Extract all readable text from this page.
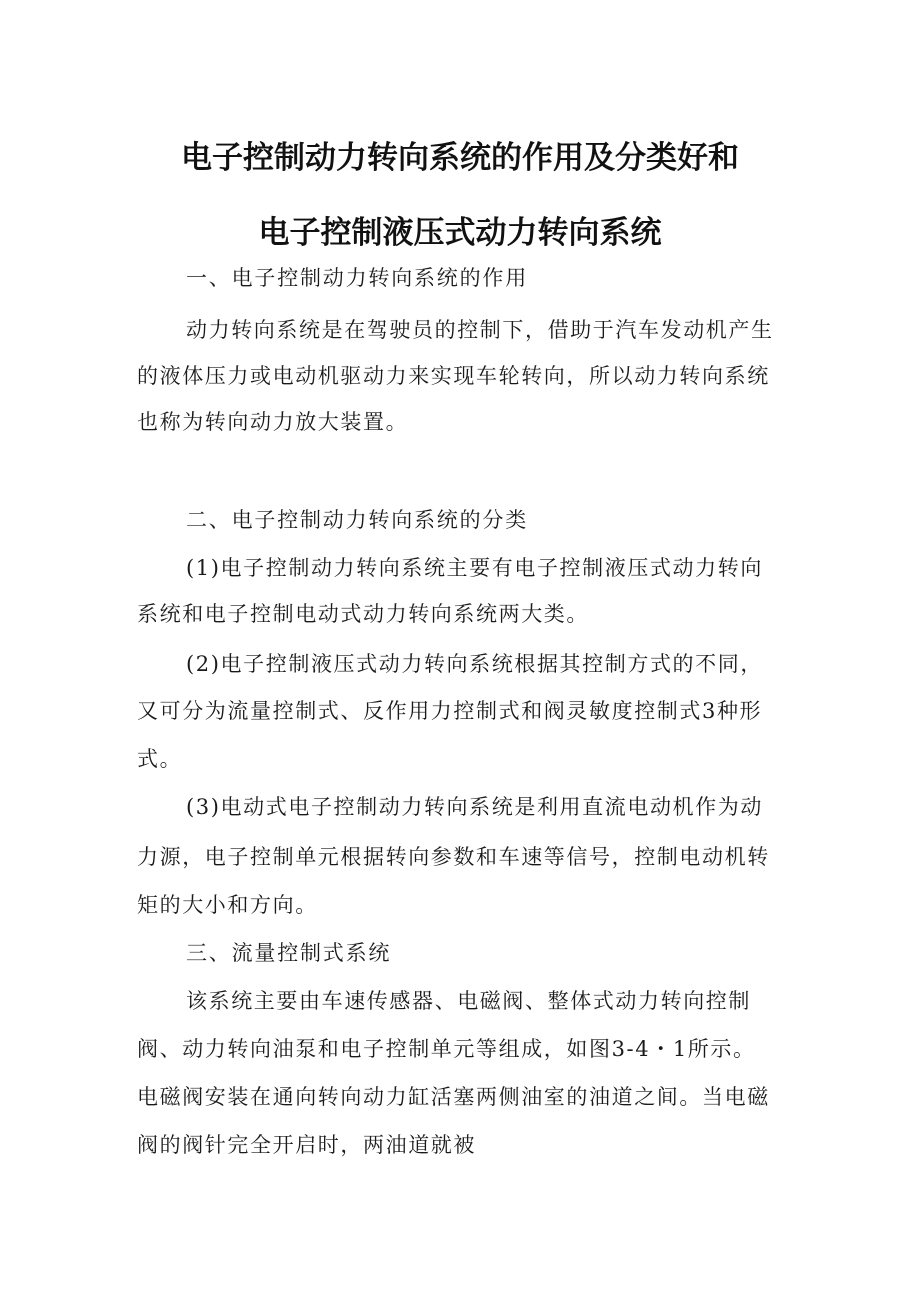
电子控制动力转向系统的作用及分类好和
电子控制液压式动力转向系统
一、电子控制动力转向系统的作用
动力转向系统是在驾驶员的控制下，借助于汽车发动机产生
的液体压力或电动机驱动力来实现车轮转向，所以动力转向系统
也称为转向动力放大装置。
二、电子控制动力转向系统的分类
(1)电子控制动力转向系统主要有电子控制液压式动力转向
系统和电子控制电动式动力转向系统两大类。
(2)电子控制液压式动力转向系统根据其控制方式的不同，
又可分为流量控制式、反作用力控制式和阀灵敏度控制式3种形
式。
(3)电动式电子控制动力转向系统是利用直流电动机作为动
力源，电子控制单元根据转向参数和车速等信号，控制电动机转
矩的大小和方向。
三、流量控制式系统
该系统主要由车速传感器、电磁阀、整体式动力转向控制
阀、动力转向油泵和电子控制单元等组成，如图3-4・1所示。
电磁阀安装在通向转向动力缸活塞两侧油室的油道之间。当电磁
阀的阀针完全开启时，两油道就被
